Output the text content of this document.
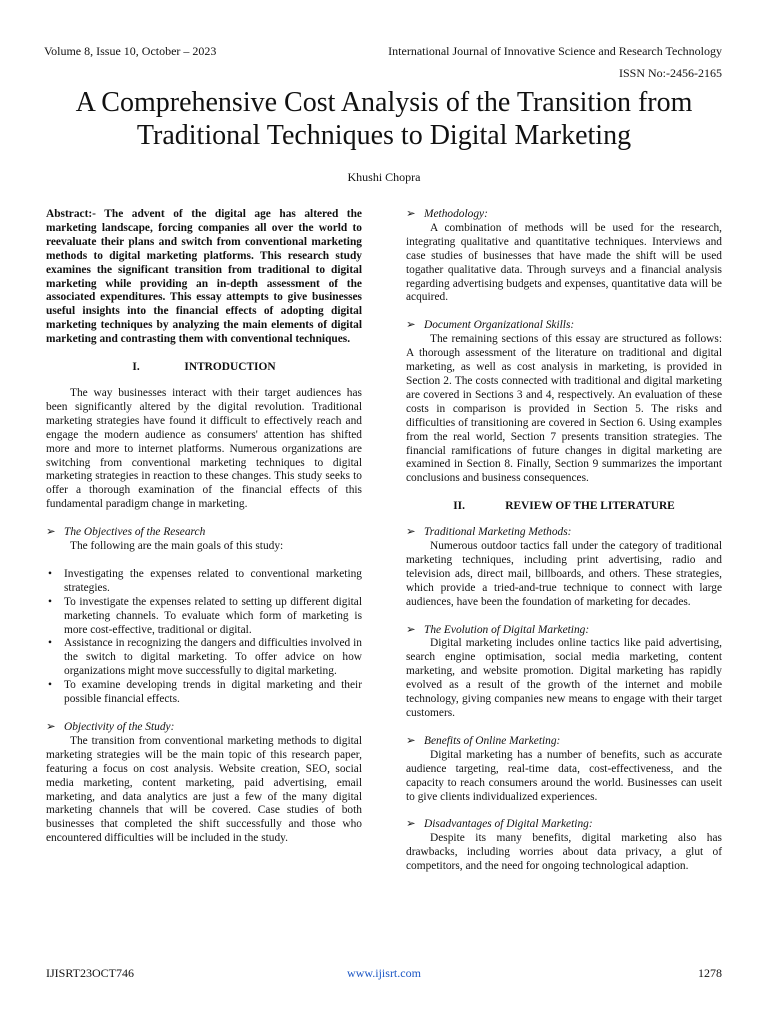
Volume 8, Issue 10, October – 2023	International Journal of Innovative Science and Research Technology
ISSN No:-2456-2165
A Comprehensive Cost Analysis of the Transition from Traditional Techniques to Digital Marketing
Khushi Chopra

Abstract:- The advent of the digital age has altered the marketing landscape, forcing companies all over the world to reevaluate their plans and switch from conventional marketing methods to digital marketing platforms. This research study examines the significant transition from traditional to digital marketing while providing an in-depth assessment of the associated expenditures. This essay attempts to give businesses useful insights into the financial effects of adopting digital marketing techniques by analyzing the main elements of digital marketing and contrasting them with conventional techniques.

I.	INTRODUCTION

The way businesses interact with their target audiences has been significantly altered by the digital revolution. Traditional marketing strategies have found it difficult to effectively reach and engage the modern audience as consumers' attention has shifted more and more to internet platforms. Numerous organizations are switching from conventional marketing techniques to digital marketing strategies in reaction to these changes. This study seeks to offer a thorough examination of the financial effects of this fundamental paradigm change in marketing.

➢ The Objectives of the Research

The following are the main goals of this study:

• Investigating the expenses related to conventional marketing strategies.
• To investigate the expenses related to setting up different digital marketing channels. To evaluate which form of marketing is more cost-effective, traditional or digital.
• Assistance in recognizing the dangers and difficulties involved in the switch to digital marketing. To offer advice on how organizations might move successfully to digital marketing.
• To examine developing trends in digital marketing and their possible financial effects.

➢ Objectivity of the Study:

The transition from conventional marketing methods to digital marketing strategies will be the main topic of this research paper, featuring a focus on cost analysis. Website creation, SEO, social media marketing, content marketing, paid advertising, email marketing, and data analytics are just a few of the many digital marketing channels that will be covered. Case studies of both businesses that completed the shift successfully and those who encountered difficulties will be included in the study.

➢ Methodology:

A combination of methods will be used for the research, integrating qualitative and quantitative techniques. Interviews and case studies of businesses that have made the shift will be used togather qualitative data. Through surveys and a financial analysis regarding advertising budgets and expenses, quantitative data will be acquired.

➢ Document Organizational Skills:

The remaining sections of this essay are structured as follows: A thorough assessment of the literature on traditional and digital marketing, as well as cost analysis in marketing, is provided in Section 2. The costs connected with traditional and digital marketing are covered in Sections 3 and 4, respectively. An evaluation of these costs in comparison is provided in Section 5. The risks and difficulties of transitioning are covered in Section 6. Using examples from the real world, Section 7 presents transition strategies. The financial ramifications of future changes in digital marketing are examined in Section 8. Finally, Section 9 summarizes the important conclusions and business consequences.

II.	REVIEW OF THE LITERATURE

➢ Traditional Marketing Methods:

Numerous outdoor tactics fall under the category of traditional marketing techniques, including print advertising, radio and television ads, direct mail, billboards, and others. These strategies, which provide a tried-and-true technique to connect with large audiences, have been the foundation of marketing for decades.

➢ The Evolution of Digital Marketing:

Digital marketing includes online tactics like paid advertising, search engine optimisation, social media marketing, content marketing, and website promotion. Digital marketing has rapidly evolved as a result of the growth of the internet and mobile technology, giving companies new means to engage with their target customers.

➢ Benefits of Online Marketing:

Digital marketing has a number of benefits, such as accurate audience targeting, real-time data, cost-effectiveness, and the capacity to reach consumers around the world. Businesses can useit to give clients individualized experiences.

➢ Disadvantages of Digital Marketing:

Despite its many benefits, digital marketing also has drawbacks, including worries about data privacy, a glut of competitors, and the need for ongoing technological adaption.

IJISRT23OCT746	www.ijisrt.com	1278
